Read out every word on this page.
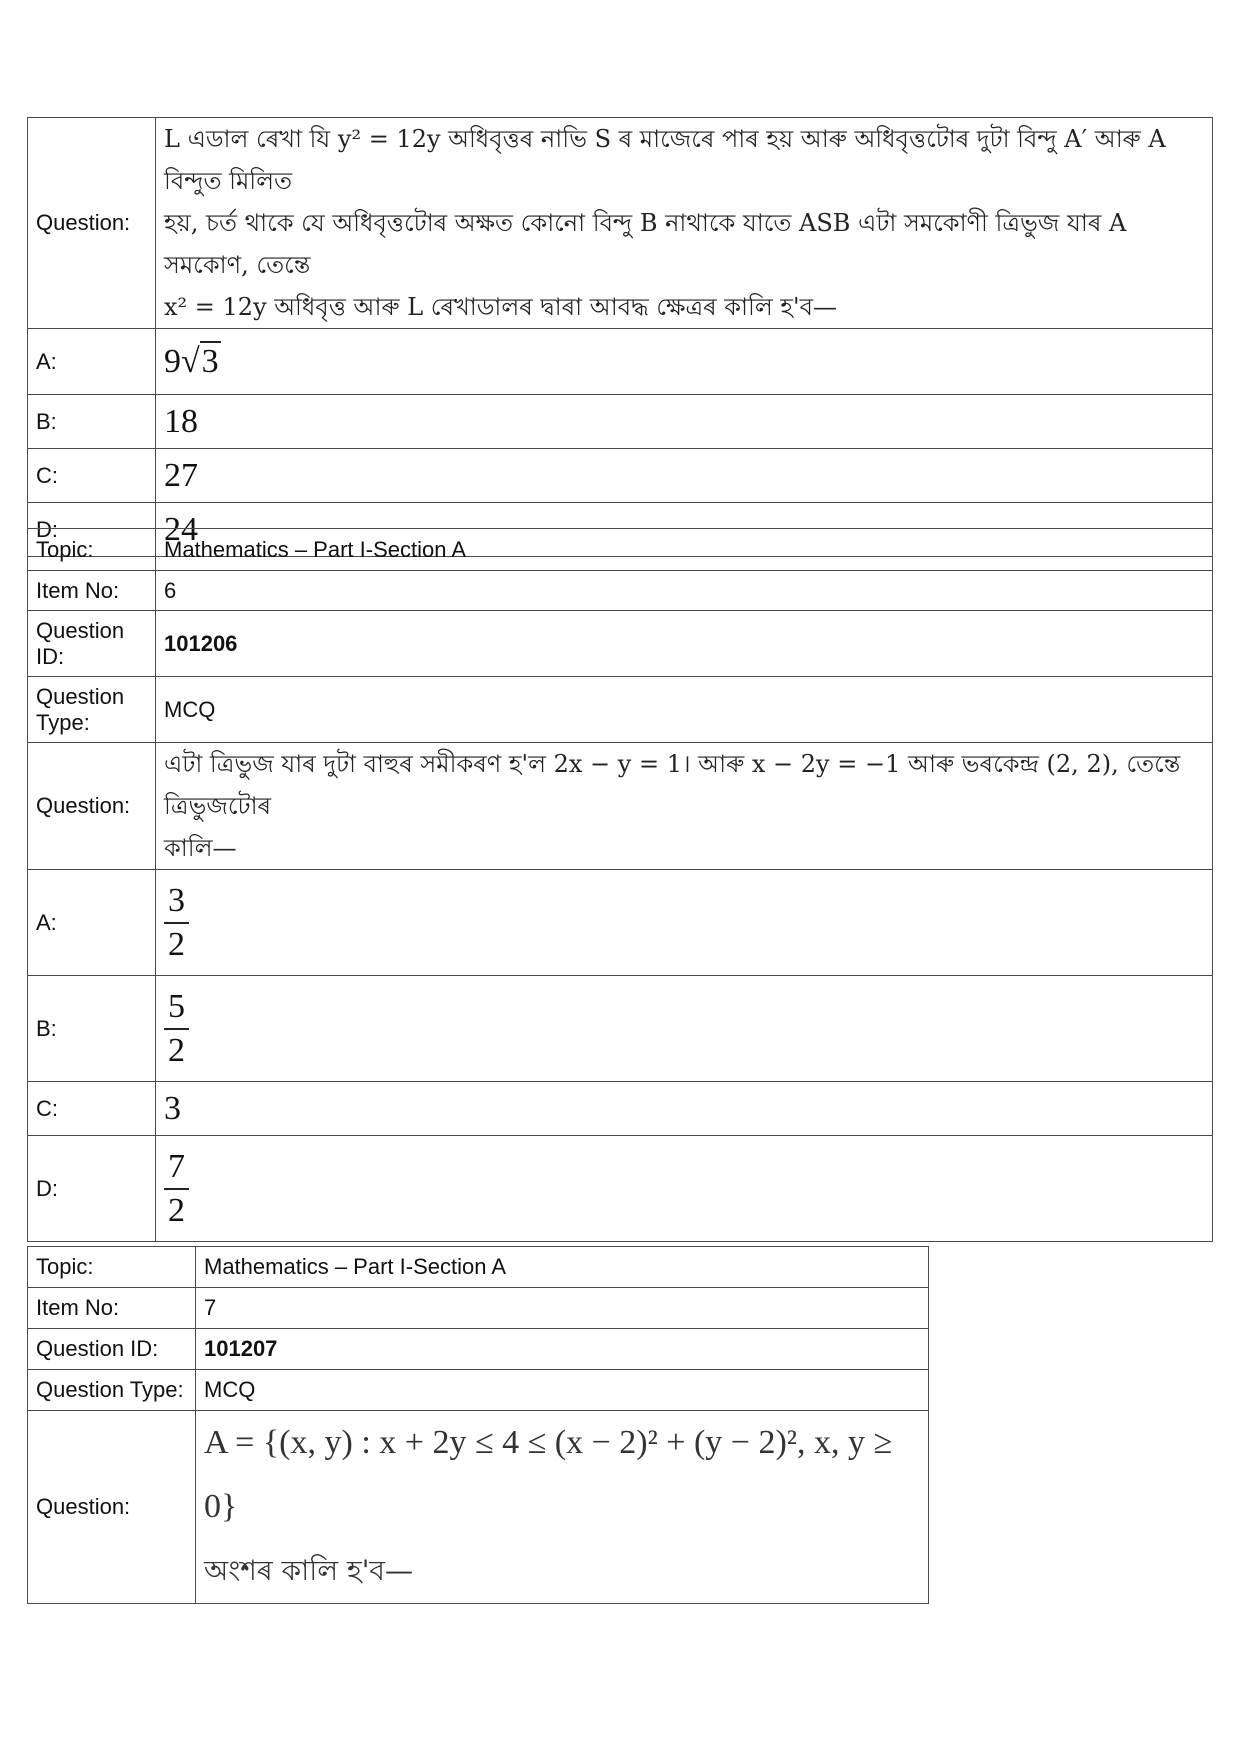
Question:	L এডাল ৰেখা যি y² = 12y অধিবৃত্তৰ নাভি S ৰ মাজেৰে পাৰ হয় আৰু অধিবৃত্তটোৰ দুটা বিন্দু A′ আৰু A বিন্দুত মিলিত
হয়, চৰ্ত থাকে যে অধিবৃত্তটোৰ অক্ষত কোনো বিন্দু B নাথাকে যাতে ASB এটা সমকোণী ত্ৰিভুজ যাৰ A সমকোণ, তেন্তে
x² = 12y অধিবৃত্ত আৰু L ৰেখাডালৰ দ্বাৰা আবদ্ধ ক্ষেত্ৰৰ কালি হ'ব—

A:	9√3
B:	18
C:	27
D:	24
Topic:	Mathematics – Part I-Section A
Item No:	6

Question
ID:	101206

Question
Type:	MCQ
Question:	এটা ত্ৰিভুজ যাৰ দুটা বাহুৰ সমীকৰণ হ'ল 2x − y = 1। আৰু x − 2y = −1 আৰু ভৰকেন্দ্ৰ (2, 2), তেন্তে ত্ৰিভুজটোৰ
কালি—

A:	$\frac{3}{2}$

B:	$\frac{5}{2}$

C:	3
D:	$\frac{7}{2}$
Topic:	Mathematics – Part I-Section A
Item No:	7
Question ID:	101207
Question Type:	MCQ
Question:	A = {(x, y) : x + 2y ≤ 4 ≤ (x − 2)² + (y − 2)², x, y ≥ 0}
অংশৰ কালি হ'ব—
